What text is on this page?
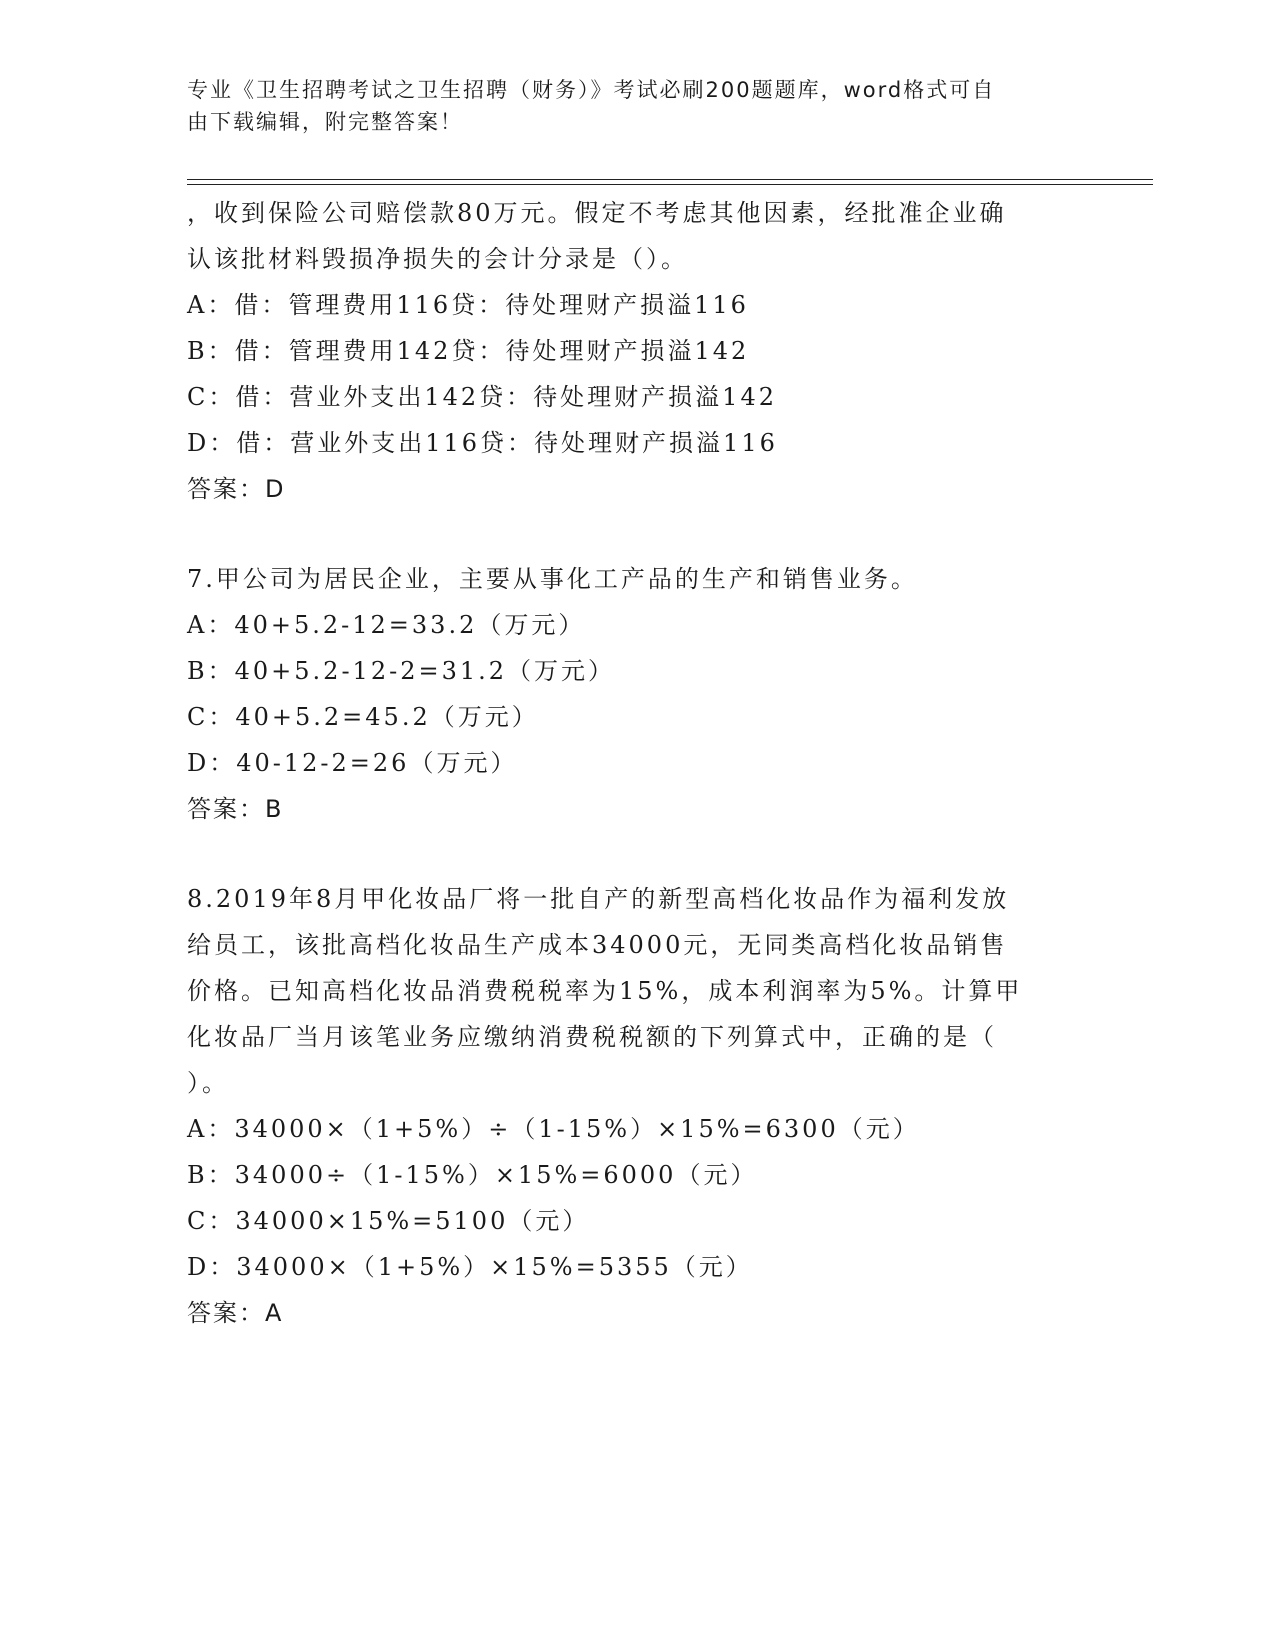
专业《卫生招聘考试之卫生招聘（财务）》考试必刷200题题库，word格式可自
由下载编辑，附完整答案！
，收到保险公司赔偿款80万元。假定不考虑其他因素，经批准企业确
认该批材料毁损净损失的会计分录是（）。
A：借：管理费用116贷：待处理财产损溢116
B：借：管理费用142贷：待处理财产损溢142
C：借：营业外支出142贷：待处理财产损溢142
D：借：营业外支出116贷：待处理财产损溢116
答案：D
7.甲公司为居民企业，主要从事化工产品的生产和销售业务。
A：40+5.2-12=33.2（万元）
B：40+5.2-12-2=31.2（万元）
C：40+5.2=45.2（万元）
D：40-12-2=26（万元）
答案：B
8.2019年8月甲化妆品厂将一批自产的新型高档化妆品作为福利发放
给员工，该批高档化妆品生产成本34000元，无同类高档化妆品销售
价格。已知高档化妆品消费税税率为15%，成本利润率为5%。计算甲
化妆品厂当月该笔业务应缴纳消费税税额的下列算式中，正确的是（
）。
A：34000×（1+5%）÷（1-15%）×15%=6300（元）
B：34000÷（1-15%）×15%=6000（元）
C：34000×15%=5100（元）
D：34000×（1+5%）×15%=5355（元）
答案：A
